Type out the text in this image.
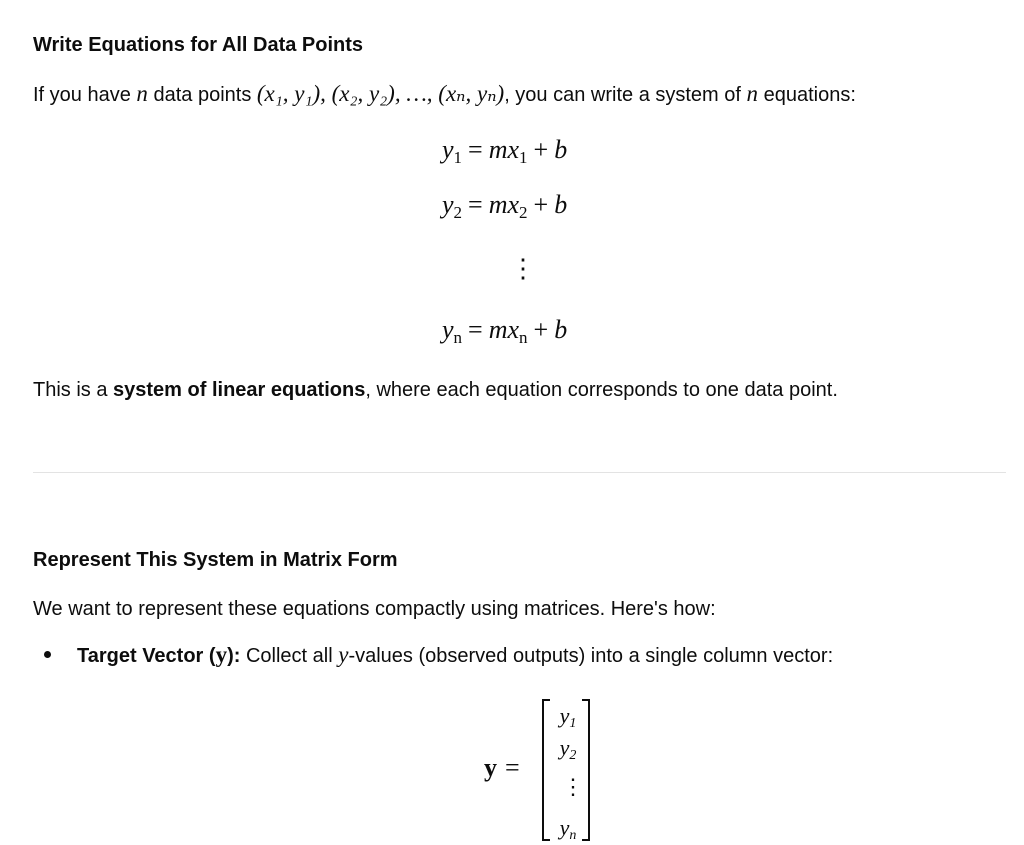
Write Equations for All Data Points
If you have n data points (x₁, y₁), (x₂, y₂), …, (xₙ, yₙ), you can write a system of n equations:
$y_1 = mx_1 + b$
$y_2 = mx_2 + b$
⋮
$y_n = mx_n + b$
This is a system of linear equations, where each equation corresponds to one data point.
Represent This System in Matrix Form
We want to represent these equations compactly using matrices. Here's how:
Target Vector (y): Collect all y-values (observed outputs) into a single column vector:
y =
$y_1$
$y_2$
⋮
$y_n$
